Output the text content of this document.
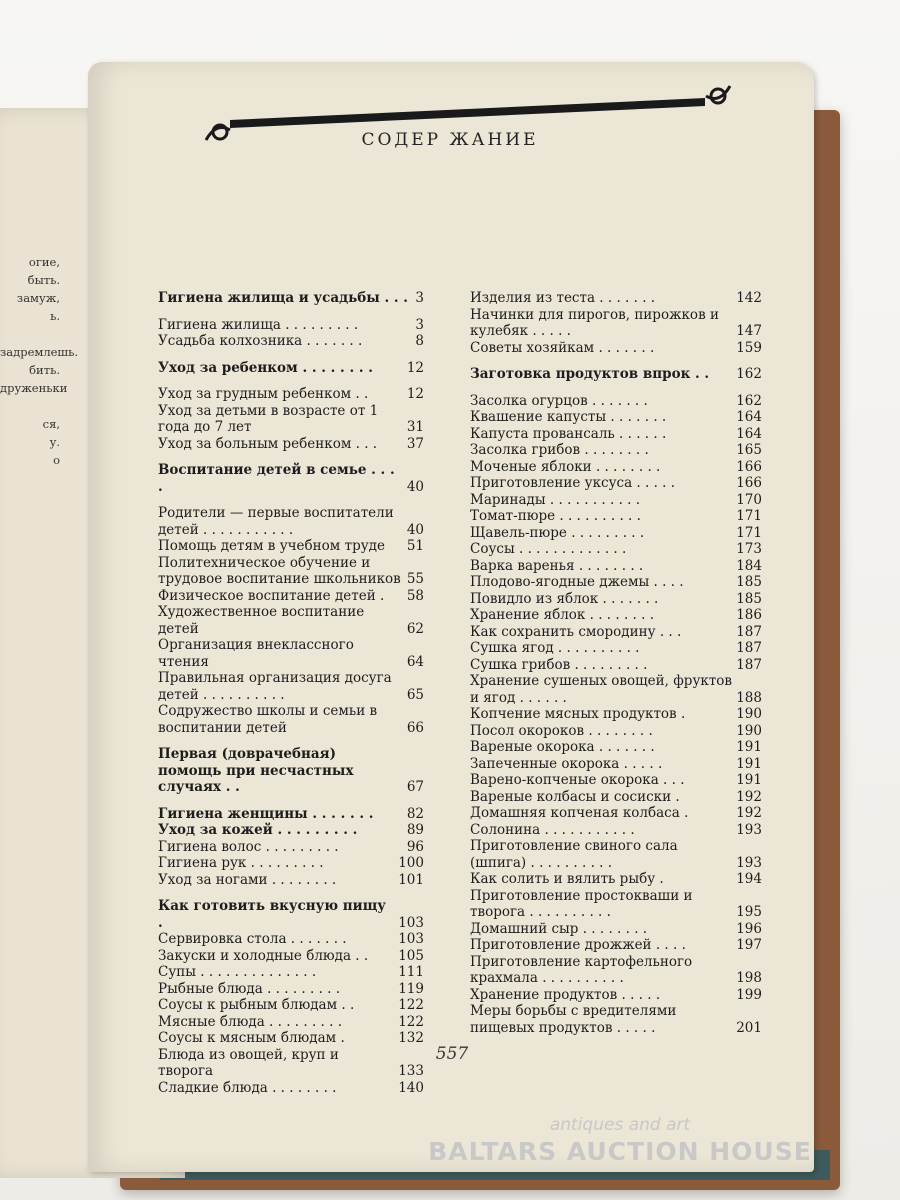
огие,
быть.
замуж,
ь.
задремлешь.
бить.
друженьки
ся,
у.
о
СОДЕР ЖАНИЕ
Гигиена жилища и усадьбы . . . 3
Гигиена жилища . . . . . . . . .	3
Усадьба колхозника . . . . . . .	8
Уход за ребенком . . . . . . . .	12
Уход за грудным ребенком . .	12
Уход за детьми в возрасте от 1 года до 7 лет	31
Уход за больным ребенком . . .	37
Воспитание детей в семье . . . .	40
Родители — первые воспитатели детей . . . . . . . . . . .	40
Помощь детям в учебном труде	51
Политехническое обучение и трудовое воспитание школьников 55
Физическое воспитание детей .	58
Художественное воспитание детей	62
Организация внеклассного чтения	64
Правильная организация досуга детей . . . . . . . . . .	65
Содружество школы и семьи в воспитании детей	66
Первая (доврачебная) помощь при несчастных случаях . .	67
Гигиена женщины . . . . . . .	82
Уход за кожей . . . . . . . . .	89
Гигиена волос . . . . . . . . .	96
Гигиена рук . . . . . . . . .	100
Уход за ногами . . . . . . . .	101
Как готовить вкусную пищу .	103
Сервировка стола . . . . . . .	103
Закуски и холодные блюда . .	105
Супы . . . . . . . . . . . . . .	111
Рыбные блюда . . . . . . . . .	119
Соусы к рыбным блюдам . .	122
Мясные блюда . . . . . . . . .	122
Соусы к мясным блюдам .	132
Блюда из овощей, круп и творога	133
Сладкие блюда . . . . . . . .	140
Изделия из теста . . . . . . .	142
Начинки для пирогов, пирожков и кулебяк . . . . .	147
Советы хозяйкам . . . . . . .	159
Заготовка продуктов впрок . .	162
Засолка огурцов . . . . . . .	162
Квашение капусты . . . . . . .	164
Капуста провансаль . . . . . .	164
Засолка грибов . . . . . . . .	165
Моченые яблоки . . . . . . . .	166
Приготовление уксуса . . . . .	166
Маринады . . . . . . . . . . .	170
Томат-пюре . . . . . . . . . .	171
Щавель-пюре . . . . . . . . .	171
Соусы . . . . . . . . . . . . .	173
Варка варенья . . . . . . . .	184
Плодово-ягодные джемы . . . .	185
Повидло из яблок . . . . . . .	185
Хранение яблок . . . . . . . .	186
Как сохранить смородину . . .	187
Сушка ягод . . . . . . . . . .	187
Сушка грибов . . . . . . . . .	187
Хранение сушеных овощей, фруктов и ягод . . . . . .	188
Копчение мясных продуктов .	190
Посол окороков . . . . . . . .	190
Вареные окорока . . . . . . .	191
Запеченные окорока . . . . .	191
Варено-копченые окорока . . .	191
Вареные колбасы и сосиски .	192
Домашняя копченая колбаса .	192
Солонина . . . . . . . . . . .	193
Приготовление свиного сала (шпига) . . . . . . . . . .	193
Как солить и вялить рыбу .	194
Приготовление простокваши и творога . . . . . . . . . .	195
Домашний сыр . . . . . . . .	196
Приготовление дрожжей . . . .	197
Приготовление картофельного крахмала . . . . . . . . . .	198
Хранение продуктов . . . . .	199
Меры борьбы с вредителями пищевых продуктов . . . . .	201
557
antiques and art
BALTARS AUCTION HOUSE
